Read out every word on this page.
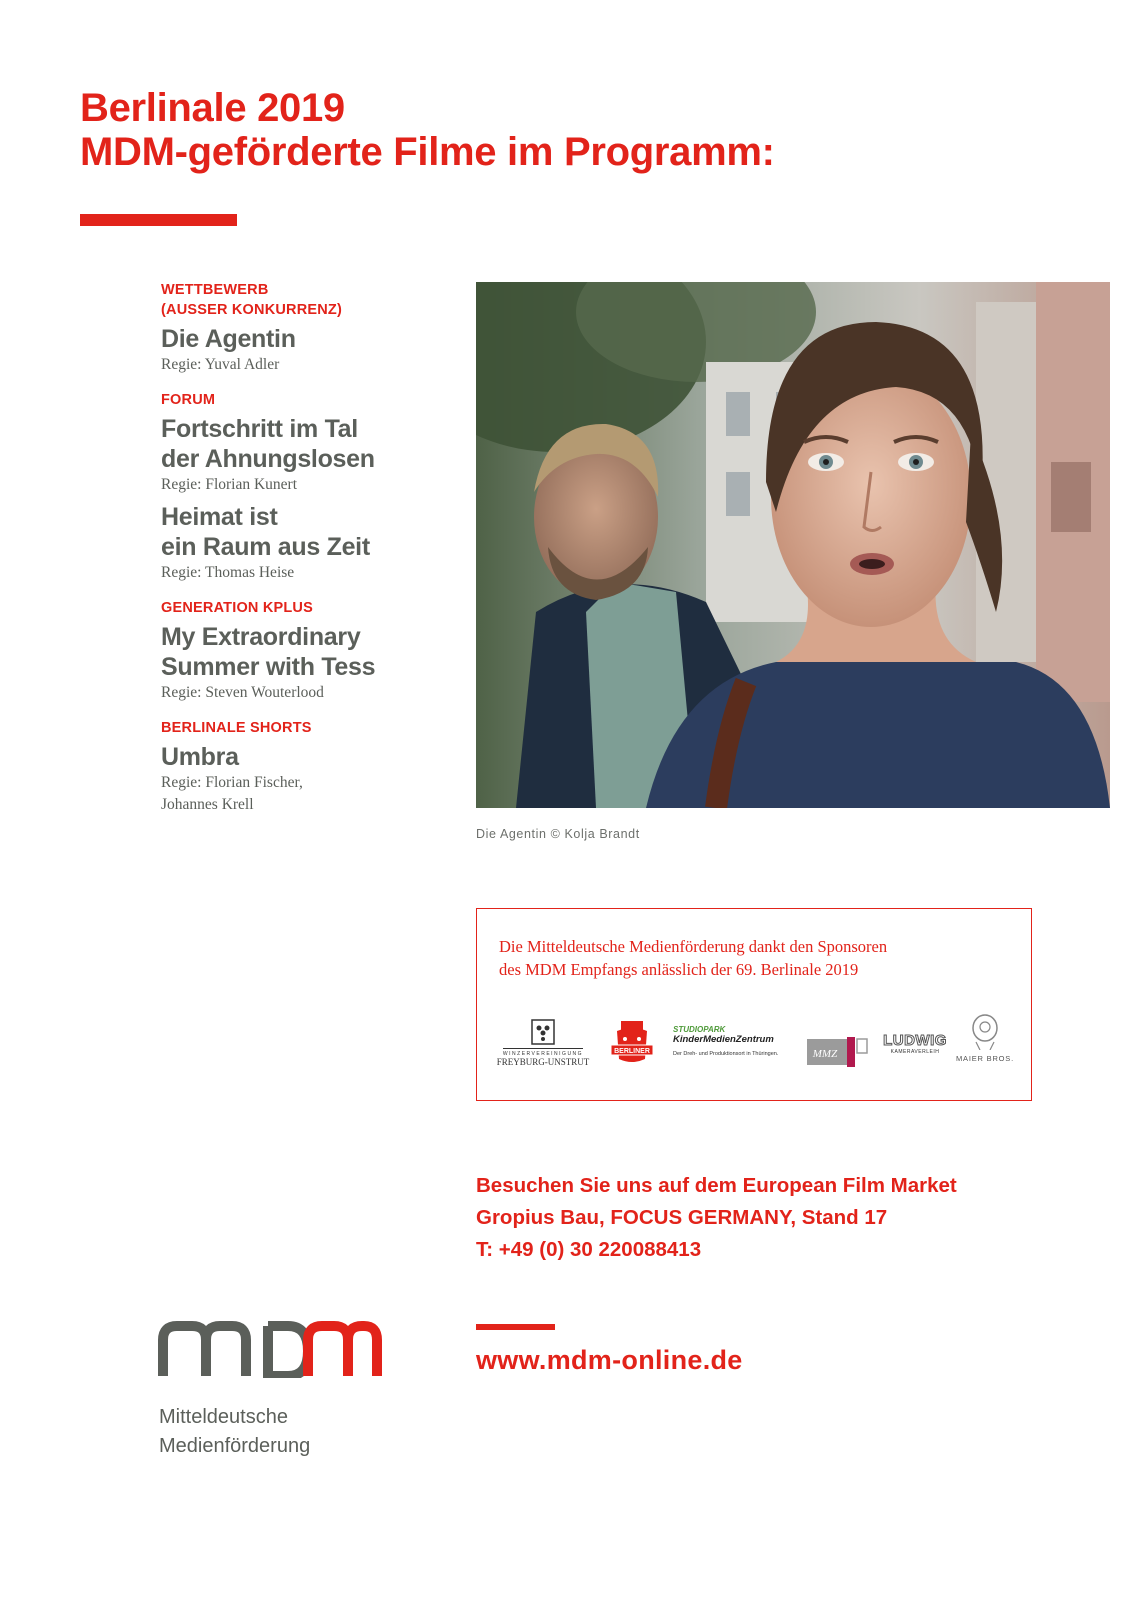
Berlinale 2019
MDM-geförderte Filme im Programm:
WETTBEWERB
(AUSSER KONKURRENZ)
Die Agentin
Regie: Yuval Adler
FORUM
Fortschritt im Tal
der Ahnungslosen
Regie: Florian Kunert
Heimat ist
ein Raum aus Zeit
Regie: Thomas Heise
GENERATION KPLUS
My Extraordinary
Summer with Tess
Regie: Steven Wouterlood
BERLINALE SHORTS
Umbra
Regie: Florian Fischer,
Johannes Krell
Die Agentin © Kolja Brandt
Die Mitteldeutsche Medienförderung dankt den Sponsoren
des MDM Empfangs anlässlich der 69. Berlinale 2019
WINZERVEREINIGUNG
FREYBURG-UNSTRUT
BERLINER
STUDIOPARK
KinderMedienZentrum
Der Dreh- und Produktionsort in Thüringen.	MMZ
LUDWIG
KAMERAVERLEIH
MAIER BROS.
Besuchen Sie uns auf dem European Film Market
Gropius Bau, FOCUS GERMANY, Stand 17
T: +49 (0) 30 220088413
www.mdm-online.de
Mitteldeutsche
Medienförderung
